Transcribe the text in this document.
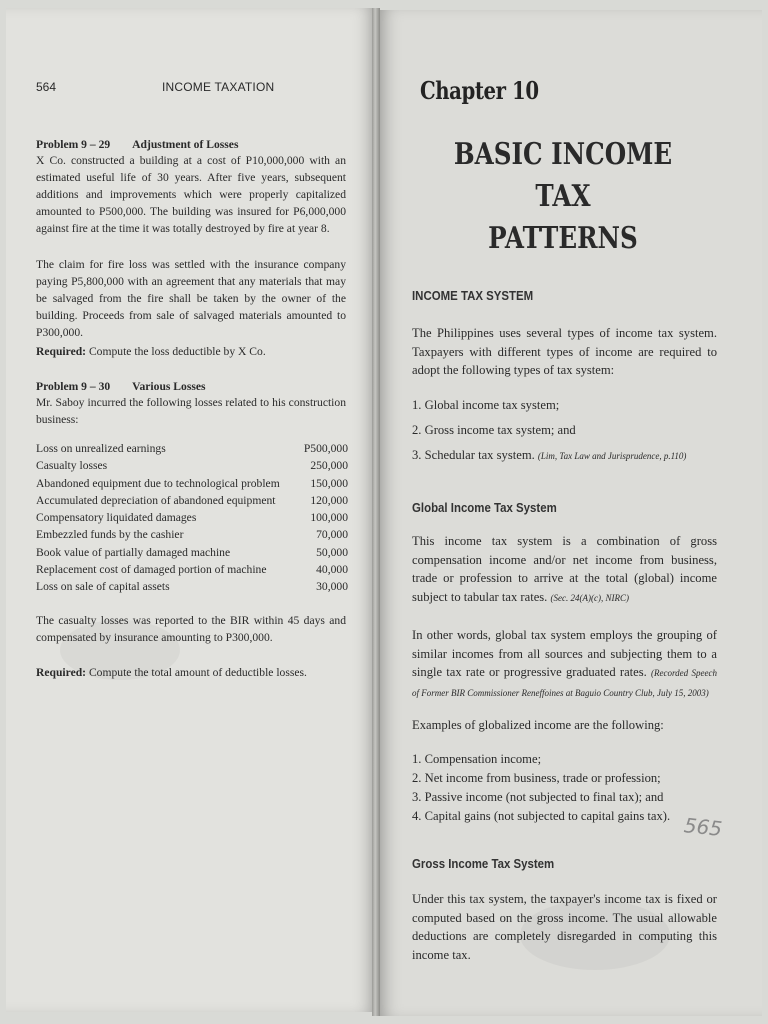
564	INCOME TAXATION
Problem 9 – 29 Adjustment of Losses
X Co. constructed a building at a cost of P10,000,000 with an estimated useful life of 30 years. After five years, subsequent additions and improvements which were properly capitalized amounted to P500,000. The building was insured for P6,000,000 against fire at the time it was totally destroyed by fire at year 8.
The claim for fire loss was settled with the insurance company paying P5,800,000 with an agreement that any materials that may be salvaged from the fire shall be taken by the owner of the building. Proceeds from sale of salvaged materials amounted to P300,000.
Required: Compute the loss deductible by X Co.
Problem 9 – 30 Various Losses
Mr. Saboy incurred the following losses related to his construction business:
Loss on unrealized earnings	P500,000
Casualty losses	250,000
Abandoned equipment due to technological problem	150,000
Accumulated depreciation of abandoned equipment	120,000
Compensatory liquidated damages	100,000
Embezzled funds by the cashier	70,000
Book value of partially damaged machine	50,000
Replacement cost of damaged portion of machine	40,000
Loss on sale of capital assets	30,000
The casualty losses was reported to the BIR within 45 days and compensated by insurance amounting to P300,000.
Required: Compute the total amount of deductible losses.
Chapter 10
BASIC INCOME TAX
PATTERNS
INCOME TAX SYSTEM
The Philippines uses several types of income tax system. Taxpayers with different types of income are required to adopt the following types of tax system:
1. Global income tax system;
2. Gross income tax system; and
3. Schedular tax system. (Lim, Tax Law and Jurisprudence, p.110)
Global Income Tax System
This income tax system is a combination of gross compensation income and/or net income from business, trade or profession to arrive at the total (global) income subject to tabular tax rates. (Sec. 24(A)(c), NIRC)
In other words, global tax system employs the grouping of similar incomes from all sources and subjecting them to a single tax rate or progressive graduated rates. (Recorded Speech of Former BIR Commissioner Reneffoines at Baguio Country Club, July 15, 2003)
Examples of globalized income are the following:
1. Compensation income;
2. Net income from business, trade or profession;
3. Passive income (not subjected to final tax); and
4. Capital gains (not subjected to capital gains tax). 565
Gross Income Tax System
Under this tax system, the taxpayer's income tax is fixed or computed based on the gross income. The usual allowable deductions are completely disregarded in computing this income tax.
